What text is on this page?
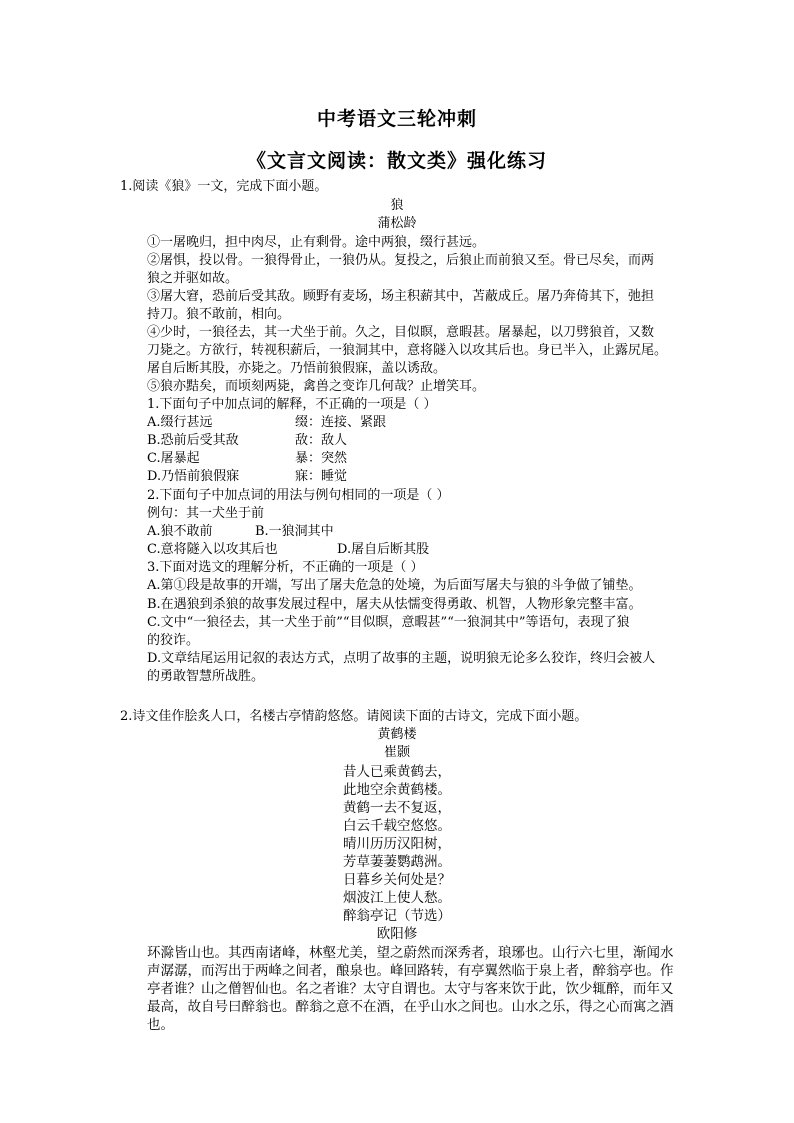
中考语文三轮冲刺
《文言文阅读：散文类》强化练习
1.阅读《狼》一文，完成下面小题。
狼
蒲松龄
①一屠晚归，担中肉尽，止有剩骨。途中两狼，缀行甚远。
②屠惧，投以骨。一狼得骨止，一狼仍从。复投之，后狼止而前狼又至。骨已尽矣，而两
狼之并驱如故。
③屠大窘，恐前后受其敌。顾野有麦场，场主积薪其中，苫蔽成丘。屠乃奔倚其下，弛担
持刀。狼不敢前，相向。
④少时，一狼径去，其一犬坐于前。久之，目似瞑，意暇甚。屠暴起，以刀劈狼首，又数
刀毙之。方欲行，转视积薪后，一狼洞其中，意将隧入以攻其后也。身已半入，止露尻尾。
屠自后断其股，亦毙之。乃悟前狼假寐，盖以诱敌。
⑤狼亦黠矣，而顷刻两毙，禽兽之变诈几何哉？止增笑耳。
1.下面句子中加点词的解释，不正确的一项是（ ）
A.缀行甚远	缀：连接、紧跟
B.恐前后受其敌	敌：敌人
C.屠暴起	暴：突然
D.乃悟前狼假寐	寐：睡觉
2.下面句子中加点词的用法与例句相同的一项是（ ）
例句：其一犬坐于前
A.狼不敢前	B.一狼洞其中
C.意将隧入以攻其后也	D.屠自后断其股
3.下面对选文的理解分析，不正确的一项是（ ）
A.第①段是故事的开端，写出了屠夫危急的处境，为后面写屠夫与狼的斗争做了铺垫。
B.在遇狼到杀狼的故事发展过程中，屠夫从怯懦变得勇敢、机智，人物形象完整丰富。
C.文中“一狼径去，其一犬坐于前”“目似瞑，意暇甚”“一狼洞其中”等语句，表现了狼
的狡诈。
D.文章结尾运用记叙的表达方式，点明了故事的主题，说明狼无论多么狡诈，终归会被人
的勇敢智慧所战胜。
2.诗文佳作脍炙人口，名楼古亭情韵悠悠。请阅读下面的古诗文，完成下面小题。
黄鹤楼
崔颢
昔人已乘黄鹤去，
此地空余黄鹤楼。
黄鹤一去不复返，
白云千载空悠悠。
晴川历历汉阳树，
芳草萋萋鹦鹉洲。
日暮乡关何处是？
烟波江上使人愁。
醉翁亭记（节选）
欧阳修
环滁皆山也。其西南诸峰，林壑尤美，望之蔚然而深秀者，琅琊也。山行六七里，渐闻水
声潺潺，而泻出于两峰之间者，酿泉也。峰回路转，有亭翼然临于泉上者，醉翁亭也。作
亭者谁？山之僧智仙也。名之者谁？太守自谓也。太守与客来饮于此，饮少辄醉，而年又
最高，故自号曰醉翁也。醉翁之意不在酒，在乎山水之间也。山水之乐，得之心而寓之酒
也。
